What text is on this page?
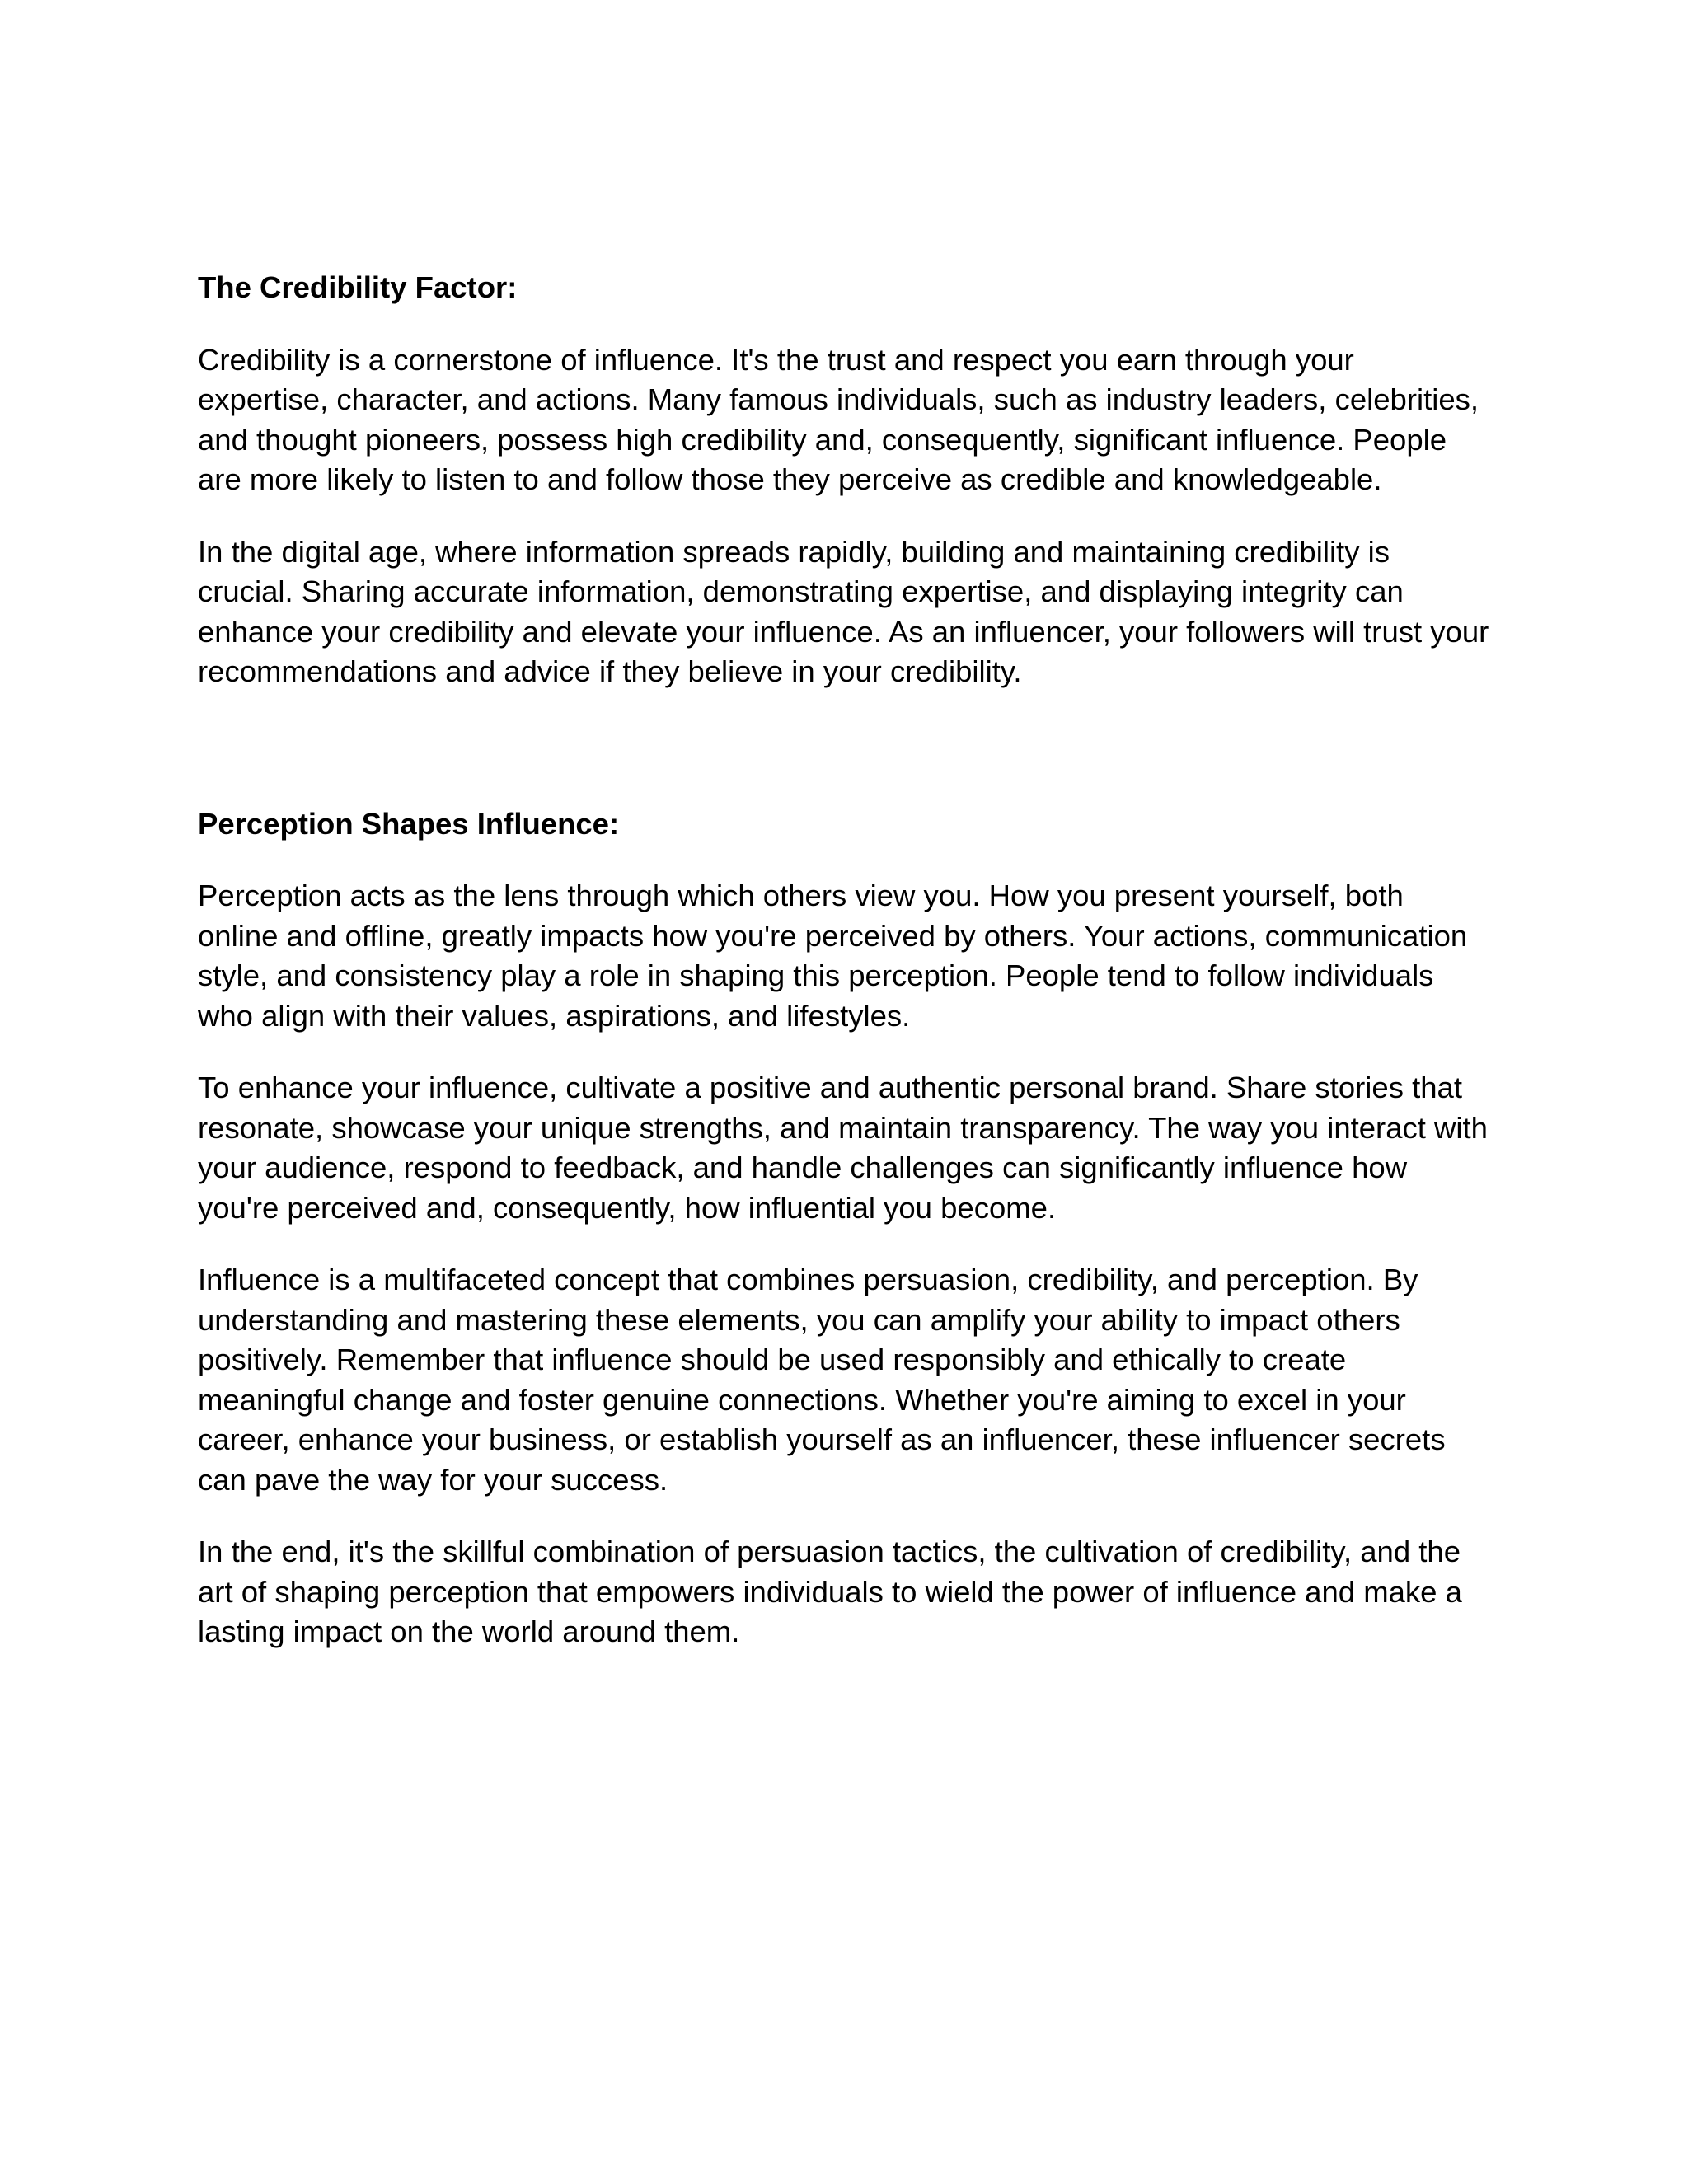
The Credibility Factor:

Credibility is a cornerstone of influence. It's the trust and respect you earn through your expertise, character, and actions. Many famous individuals, such as industry leaders, celebrities, and thought pioneers, possess high credibility and, consequently, significant influence. People are more likely to listen to and follow those they perceive as credible and knowledgeable.

In the digital age, where information spreads rapidly, building and maintaining credibility is crucial. Sharing accurate information, demonstrating expertise, and displaying integrity can enhance your credibility and elevate your influence. As an influencer, your followers will trust your recommendations and advice if they believe in your credibility.

Perception Shapes Influence:

Perception acts as the lens through which others view you. How you present yourself, both online and offline, greatly impacts how you're perceived by others. Your actions, communication style, and consistency play a role in shaping this perception. People tend to follow individuals who align with their values, aspirations, and lifestyles.

To enhance your influence, cultivate a positive and authentic personal brand. Share stories that resonate, showcase your unique strengths, and maintain transparency. The way you interact with your audience, respond to feedback, and handle challenges can significantly influence how you're perceived and, consequently, how influential you become.

Influence is a multifaceted concept that combines persuasion, credibility, and perception. By understanding and mastering these elements, you can amplify your ability to impact others positively. Remember that influence should be used responsibly and ethically to create meaningful change and foster genuine connections. Whether you're aiming to excel in your career, enhance your business, or establish yourself as an influencer, these influencer secrets can pave the way for your success.

In the end, it's the skillful combination of persuasion tactics, the cultivation of credibility, and the art of shaping perception that empowers individuals to wield the power of influence and make a lasting impact on the world around them.
